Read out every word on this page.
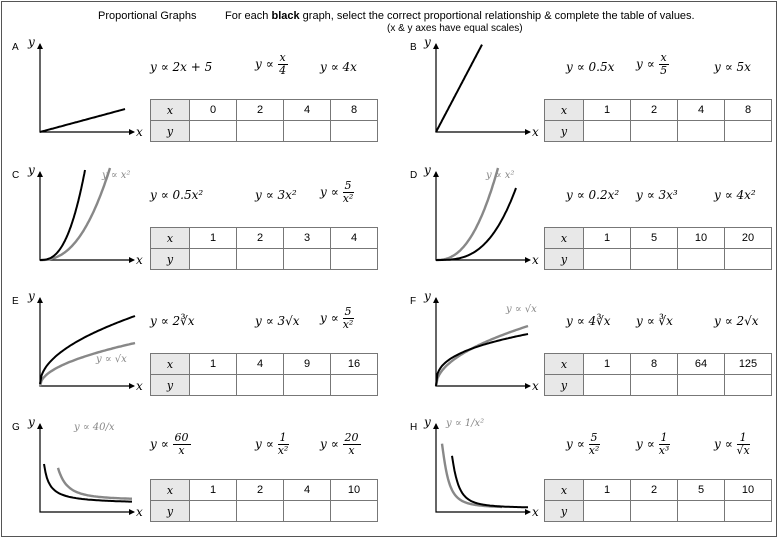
Proportional Graphs	For each black graph, select the correct proportional relationship & complete the table of values.
(x & y axes have equal scales)
A y
x
y ∝ 2x + 5	$y \propto \frac{x}{4}$	y ∝ 4x
x	0	2	4	8
y				
B y
x
y ∝ 0.5x $y \propto \frac{x}{5}$	y ∝ 5x
x	1	2	4	8
y				
C y
x
y ∝ x²
y ∝ 0.5x²	y ∝ 3x² $y \propto \frac{5}{\text{x²}}$
x	1	2	3	4
y				
D y
x
y ∝ x²
y ∝ 0.2x² y ∝ 3x³	y ∝ 4x²
x	1	5	10	20
y				
E y
x
y ∝ √x
y ∝ 2∛x	y ∝ 3√x $y \propto \frac{5}{\text{x²}}$
x	1	4	9	16
y				
F y
x
y ∝ √x
y ∝ 4∛x y ∝ ∛x	y ∝ 2√x
x	1	8	64	125
y				
G y
x
y ∝ 40/x
$y \propto \frac{60}{x}$	$y \propto \frac{1}{\text{x²}}$	$y \propto \frac{20}{x}$
x	1	2	4	10
y				
H y
x
y ∝ 1/x²
$y \propto \frac{5}{\text{x²}}$	$y \propto \frac{1}{\text{x³}}$	$y \propto \frac{1}{√x}$
x	1	2	5	10
y				
